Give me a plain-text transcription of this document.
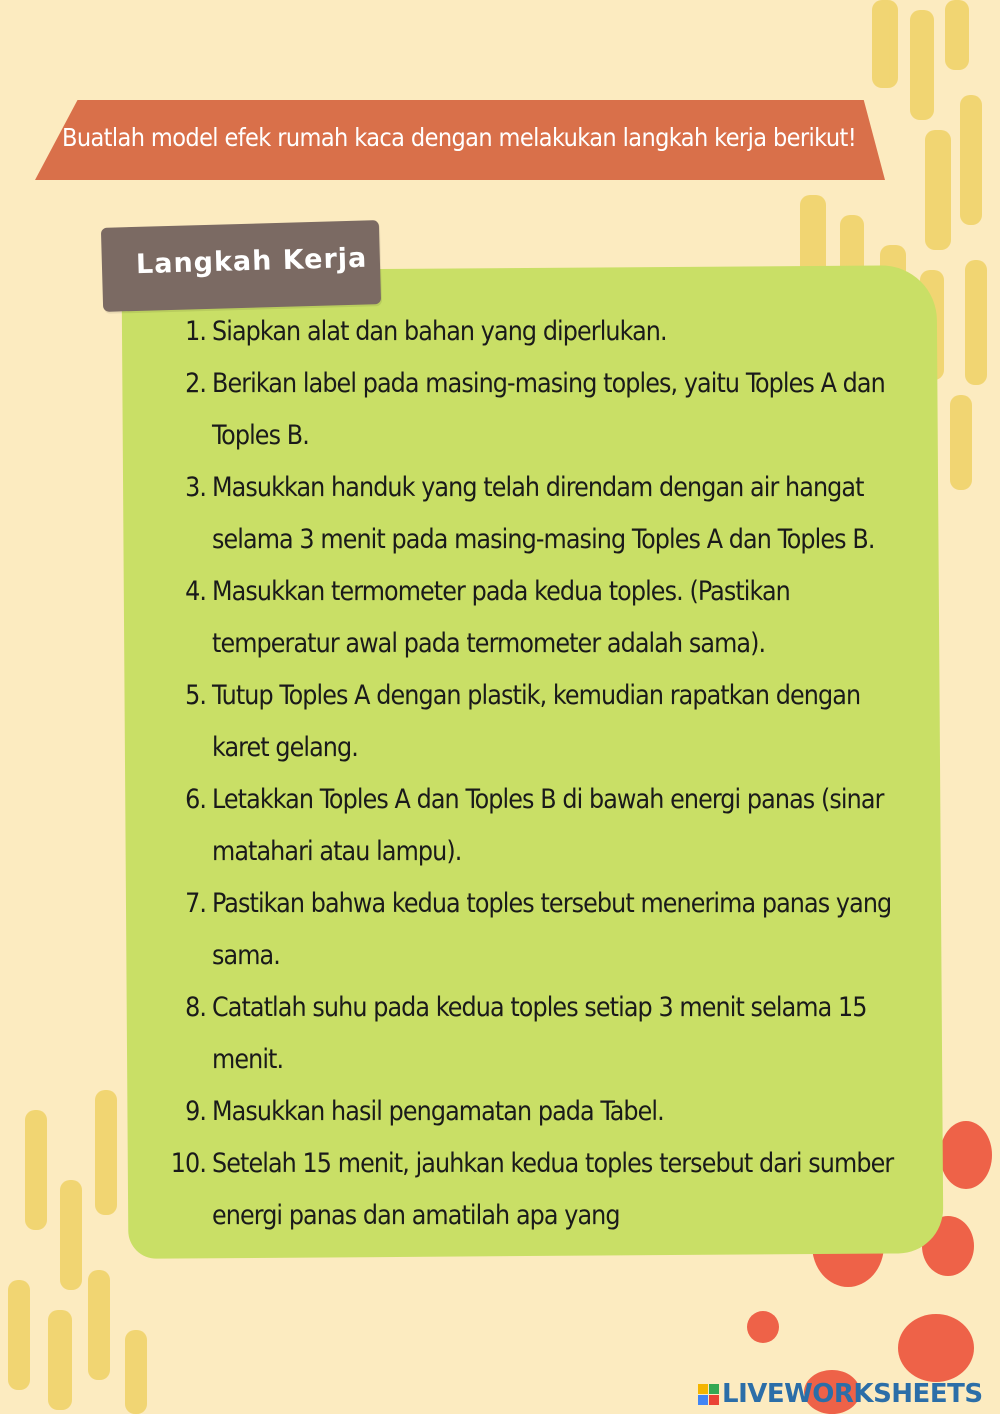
Buatlah model efek rumah kaca dengan melakukan langkah kerja berikut!
Langkah Kerja
1. Siapkan alat dan bahan yang diperlukan.
2. Berikan label pada masing-masing toples, yaitu Toples A dan Toples B.
3. Masukkan handuk yang telah direndam dengan air hangat selama 3 menit pada masing-masing Toples A dan Toples B.
4. Masukkan termometer pada kedua toples. (Pastikan temperatur awal pada termometer adalah sama).
5. Tutup Toples A dengan plastik, kemudian rapatkan dengan karet gelang.
6. Letakkan Toples A dan Toples B di bawah energi panas (sinar matahari atau lampu).
7. Pastikan bahwa kedua toples tersebut menerima panas yang sama.
8. Catatlah suhu pada kedua toples setiap 3 menit selama 15 menit.
9. Masukkan hasil pengamatan pada Tabel.
10. Setelah 15 menit, jauhkan kedua toples tersebut dari sumber energi panas dan amatilah apa yang
LIVEWORKSHEETS
